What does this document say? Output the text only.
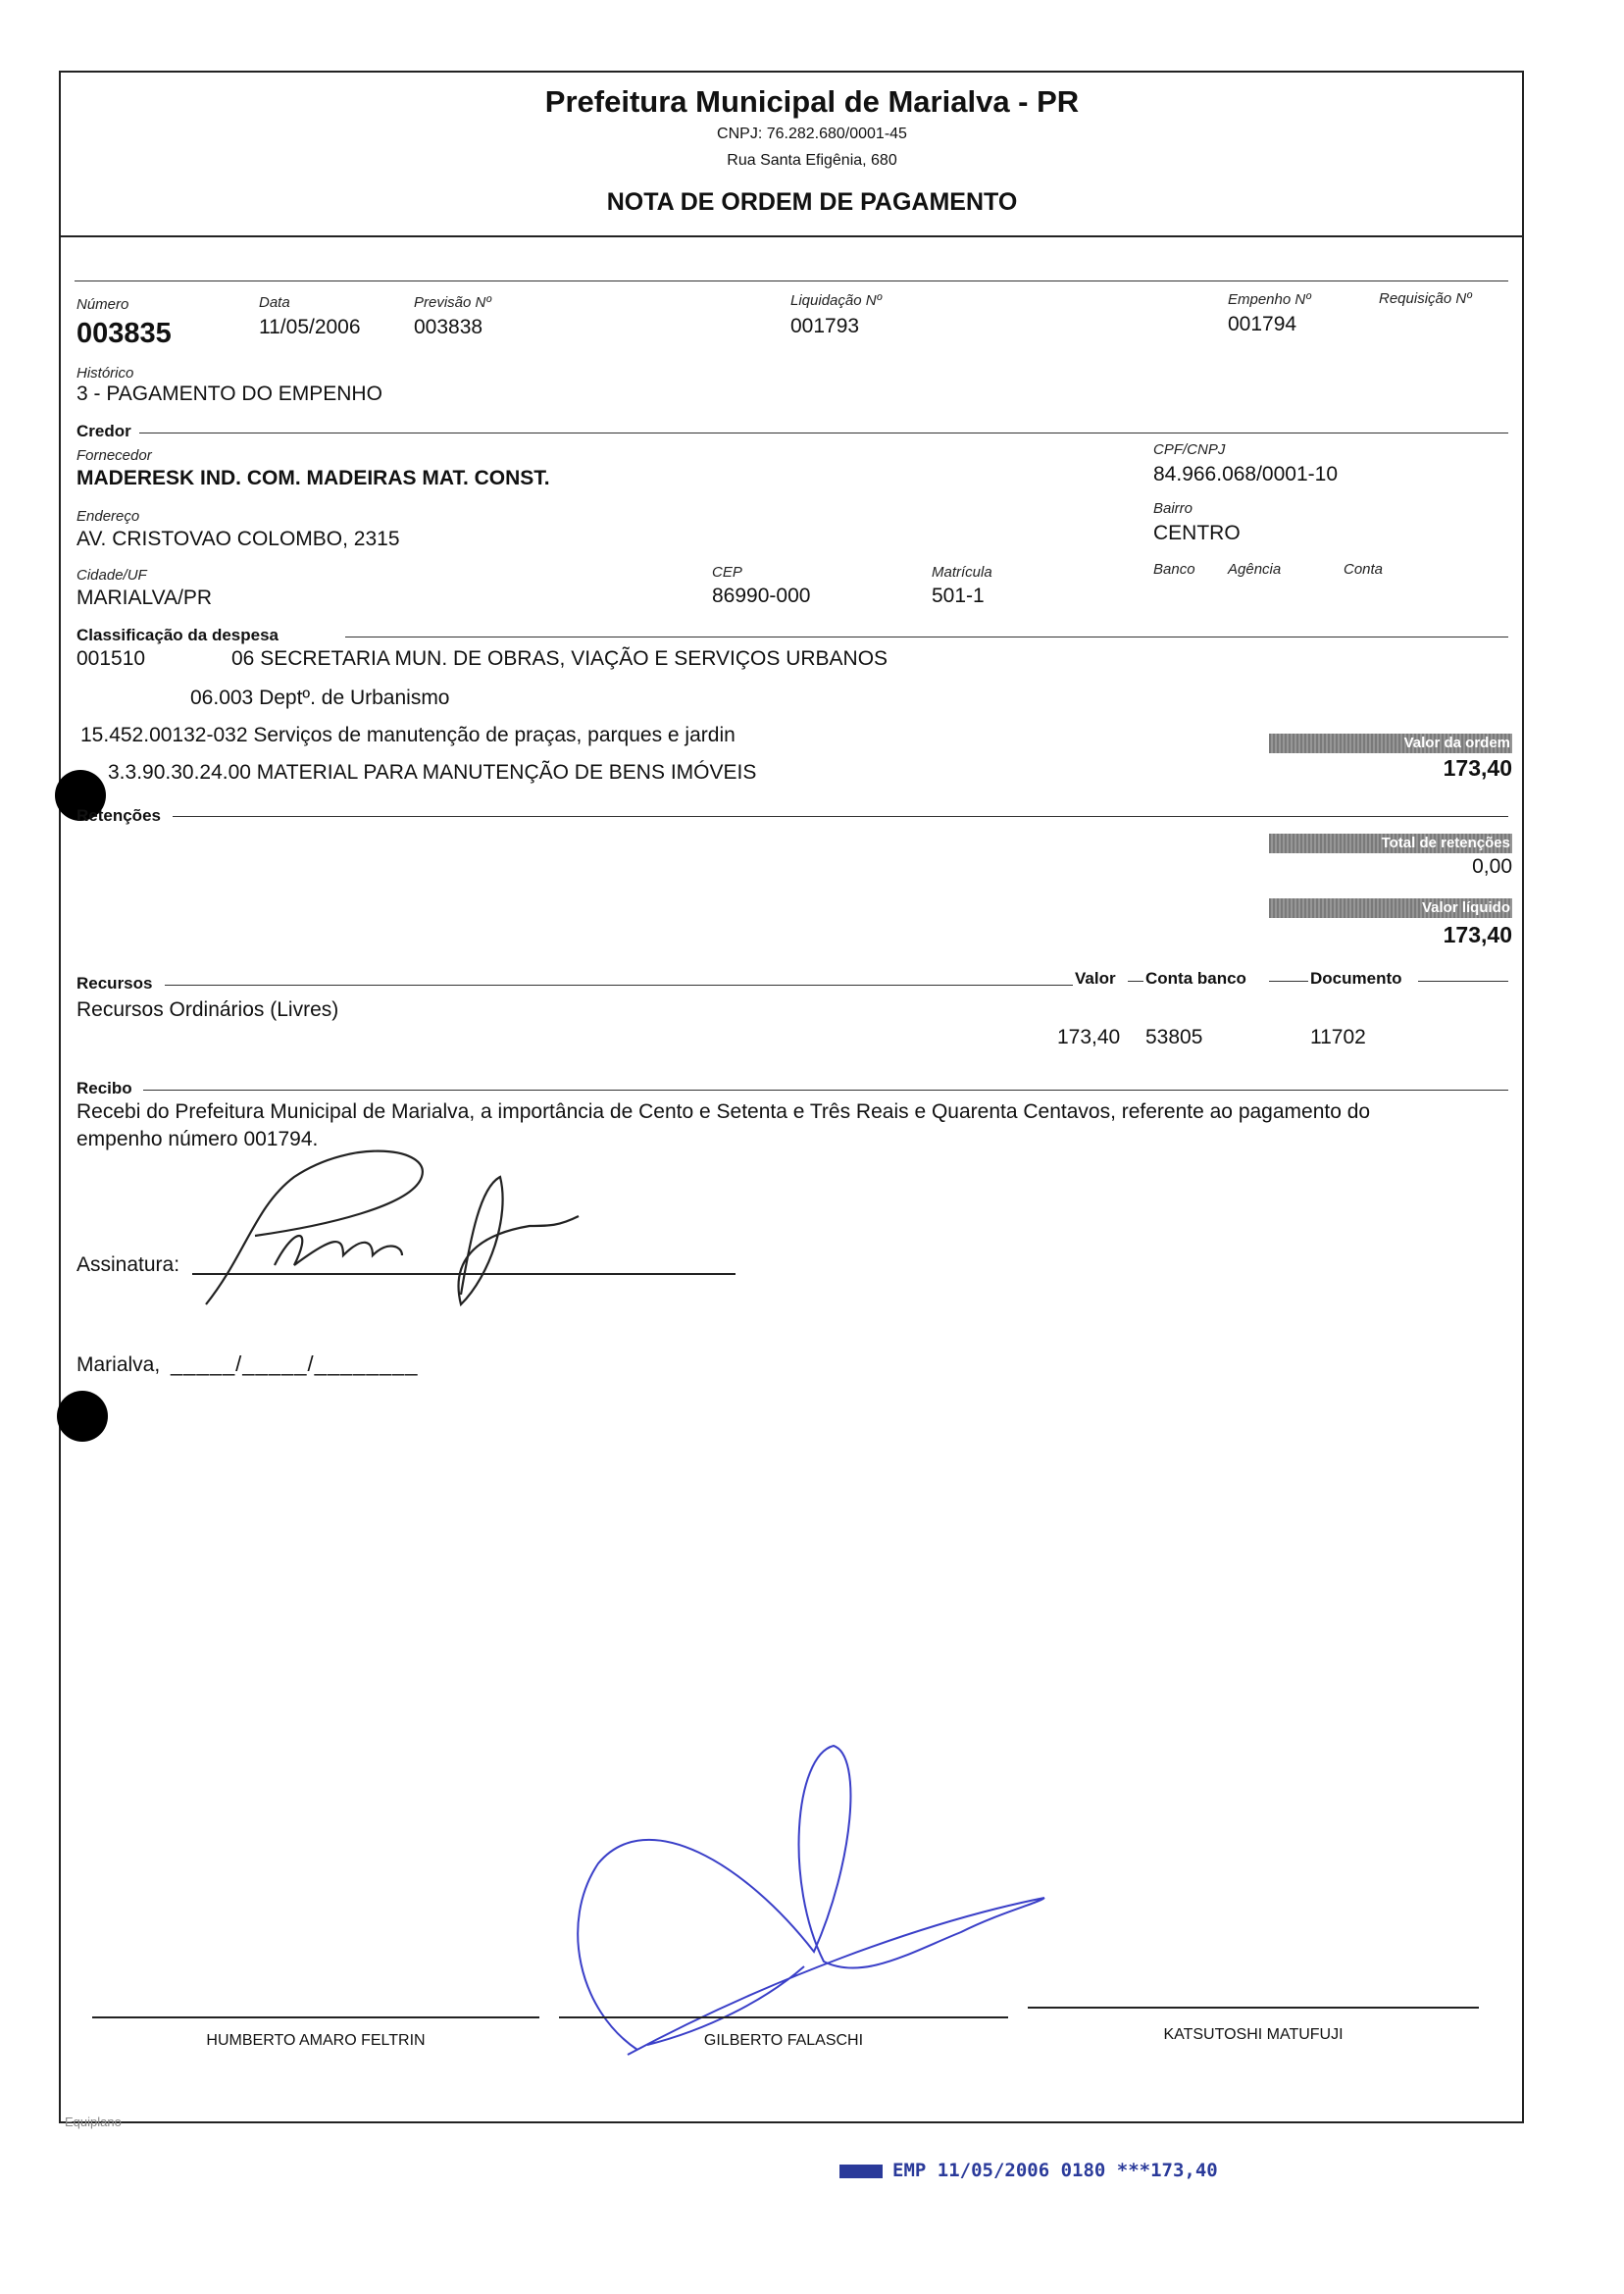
Prefeitura Municipal de Marialva - PR
CNPJ: 76.282.680/0001-45
Rua Santa Efigênia, 680
NOTA DE ORDEM DE PAGAMENTO
Número
003835
Data
11/05/2006
Previsão Nº
003838
Liquidação Nº
001793
Empenho Nº
001794
Requisição Nº
Histórico
3 - PAGAMENTO DO EMPENHO
Credor
Fornecedor
MADERESK IND. COM. MADEIRAS MAT. CONST.
CPF/CNPJ
84.966.068/0001-10
Endereço
AV. CRISTOVAO COLOMBO, 2315
Bairro
CENTRO
Cidade/UF
MARIALVA/PR
CEP
86990-000
Matrícula
501-1
Banco Agência	Conta
Classificação da despesa
001510	06 SECRETARIA MUN. DE OBRAS, VIAÇÃO E SERVIÇOS URBANOS
06.003 Deptº. de Urbanismo
15.452.00132-032 Serviços de manutenção de praças, parques e jardin
3.3.90.30.24.00 MATERIAL PARA MANUTENÇÃO DE BENS IMÓVEIS
Valor da ordem
173,40
Retenções
Total de retenções
0,00
Valor líquido
173,40
Recursos	Valor Conta banco	Documento
Recursos Ordinários (Livres)
173,40 53805	11702
Recibo
Recebi do Prefeitura Municipal de Marialva, a importância de Cento e Setenta e Três Reais e Quarenta Centavos, referente ao pagamento do
empenho número 001794.
Assinatura:
Marialva, _____/_____/________
HUMBERTO AMARO FELTRIN	GILBERTO FALASCHI	KATSUTOSHI MATUFUJI
Equiplano
EMP 11/05/2006 0180 ***173,40
